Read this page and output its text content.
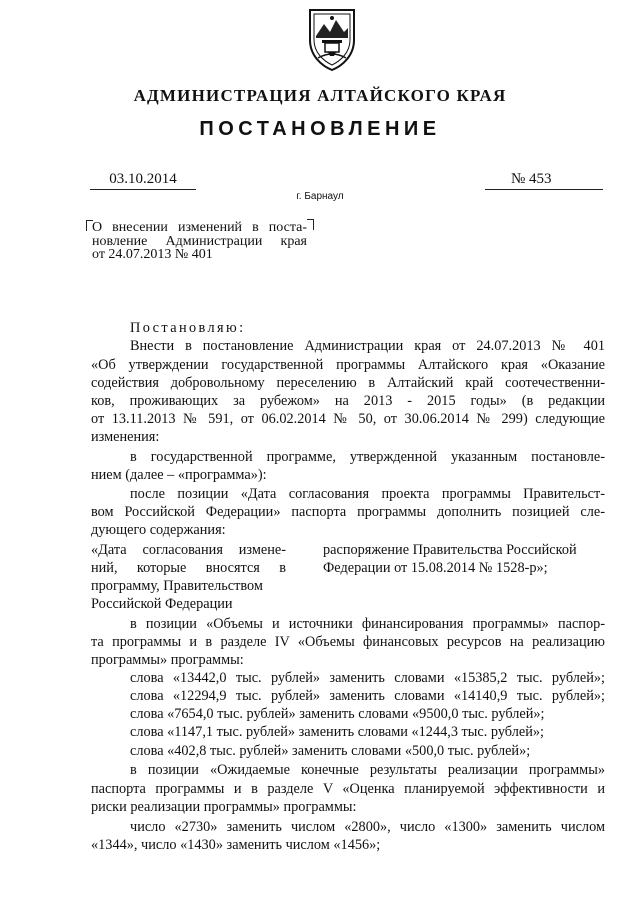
АДМИНИСТРАЦИЯ АЛТАЙСКОГО КРАЯ
ПОСТАНОВЛЕНИЕ
03.10.2014	№ 453
г. Барнаул
О внесении изменений в поста-
новление Администрации края
от 24.07.2013 № 401
Постановляю:
Внести в постановление Администрации края от 24.07.2013 № 401
«Об утверждении государственной программы Алтайского края «Оказание
содействия добровольному переселению в Алтайский край соотечественни-
ков, проживающих за рубежом» на 2013 - 2015 годы» (в редакции
от 13.11.2013 № 591, от 06.02.2014 № 50, от 30.06.2014 № 299) следующие
изменения:
в государственной программе, утвержденной указанным постановле-
нием (далее – «программа»):
после позиции «Дата согласования проекта программы Правительст-
вом Российской Федерации» паспорта программы дополнить позицией сле-
дующего содержания:
«Дата согласования измене-
ний, которые вносятся в
программу, Правительством
Российской Федерации
распоряжение Правительства Российской
Федерации от 15.08.2014 № 1528-р»;
в позиции «Объемы и источники финансирования программы» паспор-
та программы и в разделе IV «Объемы финансовых ресурсов на реализацию
программы» программы:
слова «13442,0 тыс. рублей» заменить словами «15385,2 тыс. рублей»;
слова «12294,9 тыс. рублей» заменить словами «14140,9 тыс. рублей»;
слова «7654,0 тыс. рублей» заменить словами «9500,0 тыс. рублей»;
слова «1147,1 тыс. рублей» заменить словами «1244,3 тыс. рублей»;
слова «402,8 тыс. рублей» заменить словами «500,0 тыс. рублей»;
в позиции «Ожидаемые конечные результаты реализации программы»
паспорта программы и в разделе V «Оценка планируемой эффективности и
риски реализации программы» программы:
число «2730» заменить числом «2800», число «1300» заменить числом
«1344», число «1430» заменить числом «1456»;
